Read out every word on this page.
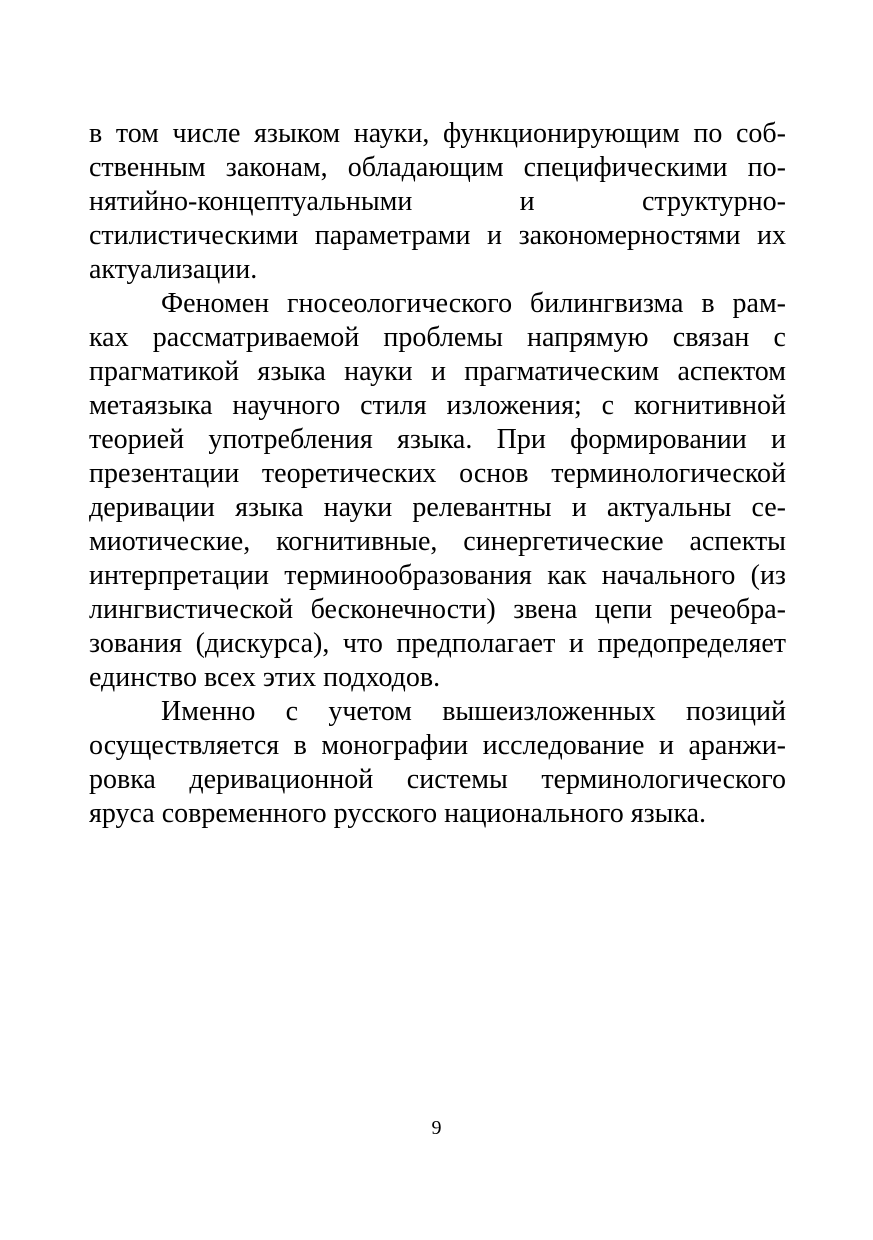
в том числе языком науки, функционирующим по соб-
ственным законам, обладающим специфическими по-
нятийно-концептуальными и структурно-
стилистическими параметрами и закономерностями их
актуализации.
Феномен гносеологического билингвизма в рам-
ках рассматриваемой проблемы напрямую связан с
прагматикой языка науки и прагматическим аспектом
метаязыка научного стиля изложения; с когнитивной
теорией употребления языка. При формировании и
презентации теоретических основ терминологической
деривации языка науки релевантны и актуальны се-
миотические, когнитивные, синергетические аспекты
интерпретации терминообразования как начального (из
лингвистической бесконечности) звена цепи речеобра-
зования (дискурса), что предполагает и предопределяет
единство всех этих подходов.
Именно с учетом вышеизложенных позиций
осуществляется в монографии исследование и аранжи-
ровка деривационной системы терминологического
яруса современного русского национального языка.
9
